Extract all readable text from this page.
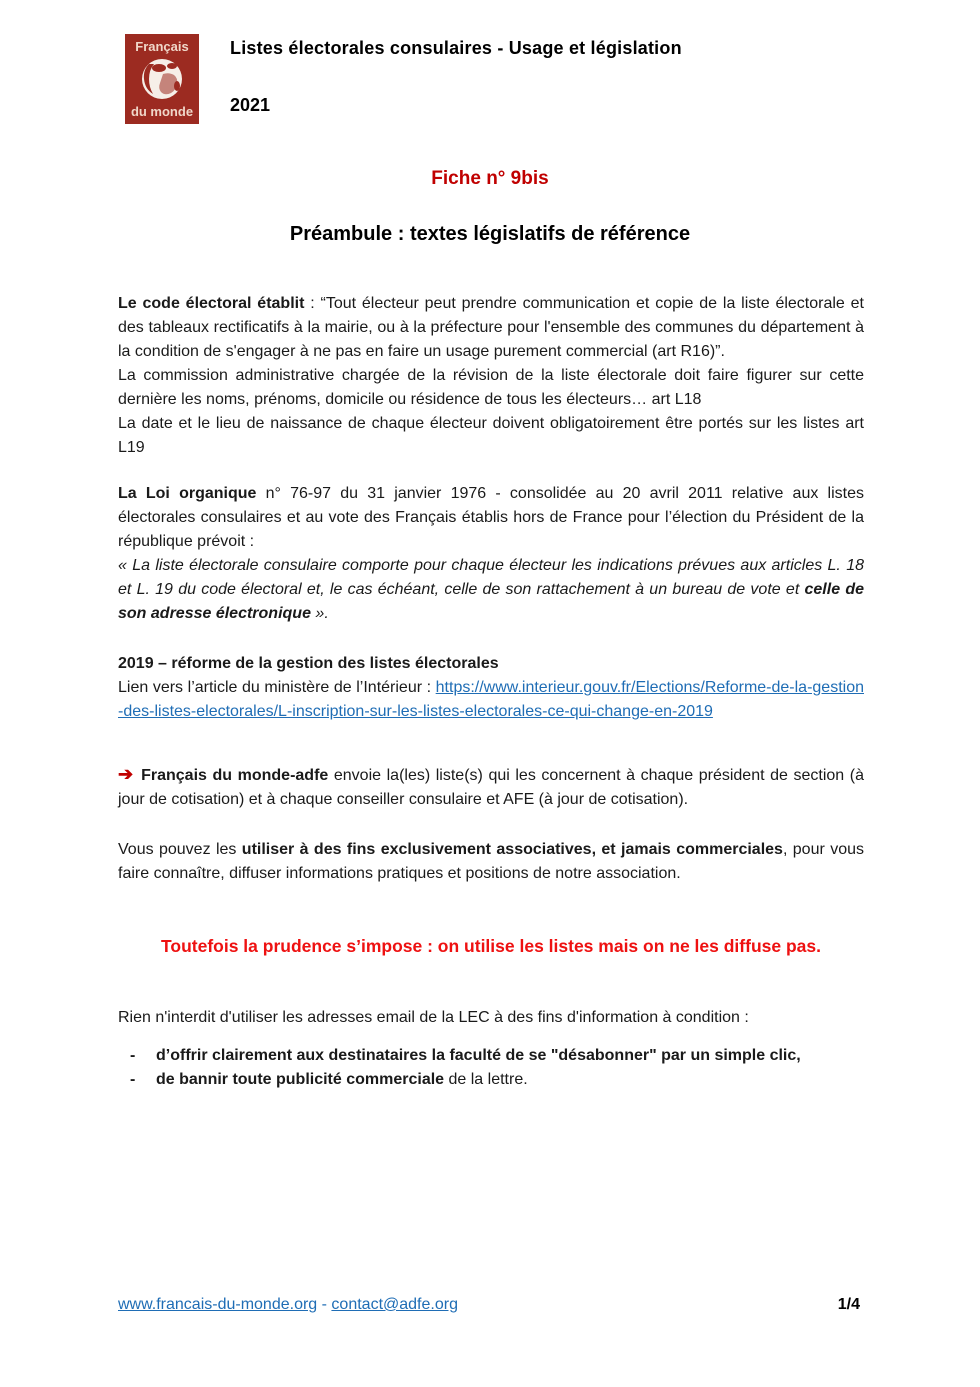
Français
du monde
Listes électorales consulaires - Usage et législation
2021
Fiche n° 9bis
Préambule : textes législatifs de référence

Le code électoral établit : “Tout électeur peut prendre communication et copie de la liste électorale et des tableaux rectificatifs à la mairie, ou à la préfecture pour l'ensemble des communes du département à la condition de s'engager à ne pas en faire un usage purement commercial (art R16)”.

La commission administrative chargée de la révision de la liste électorale doit faire figurer sur cette dernière les noms, prénoms, domicile ou résidence de tous les électeurs… art L18

La date et le lieu de naissance de chaque électeur doivent obligatoirement être portés sur les listes art L19

La Loi organique n° 76-97 du 31 janvier 1976 - consolidée au 20 avril 2011 relative aux listes électorales consulaires et au vote des Français établis hors de France pour l’élection du Président de la république prévoit :

« La liste électorale consulaire comporte pour chaque électeur les indications prévues aux articles L. 18 et L. 19 du code électoral et, le cas échéant, celle de son rattachement à un bureau de vote et celle de son adresse électronique ».

2019 – réforme de la gestion des listes électorales

Lien vers l’article du ministère de l’Intérieur : https://www.interieur.gouv.fr/Elections/Reforme-de-la-gestion-des-listes-electorales/L-inscription-sur-les-listes-electorales-ce-qui-change-en-2019

➔ Français du monde-adfe envoie la(les) liste(s) qui les concernent à chaque président de section (à jour de cotisation) et à chaque conseiller consulaire et AFE (à jour de cotisation).

Vous pouvez les utiliser à des fins exclusivement associatives, et jamais commerciales, pour vous faire connaître, diffuser informations pratiques et positions de notre association.

Toutefois la prudence s’impose : on utilise les listes mais on ne les diffuse pas.

Rien n'interdit d'utiliser les adresses email de la LEC à des fins d'information à condition :

-	d’offrir clairement aux destinataires la faculté de se "désabonner" par un simple clic,
-	de bannir toute publicité commerciale de la lettre.
www.francais-du-monde.org - contact@adfe.org	1/4
